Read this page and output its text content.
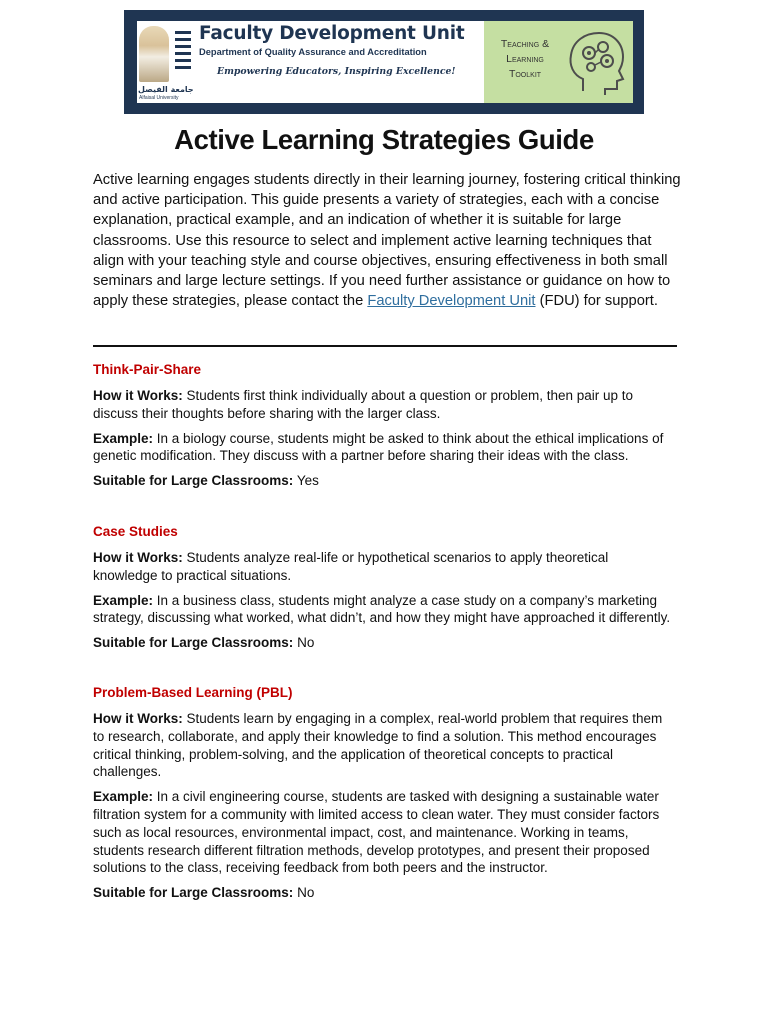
جامعة الفيصل
Alfaisal University
Faculty Development Unit
Department of Quality Assurance and Accreditation
Empowering Educators, Inspiring Excellence!
Teaching &
Learning
Toolkit
Active Learning Strategies Guide

Active learning engages students directly in their learning journey, fostering critical thinking and active participation. This guide presents a variety of strategies, each with a concise explanation, practical example, and an indication of whether it is suitable for large classrooms. Use this resource to select and implement active learning techniques that align with your teaching style and course objectives, ensuring effectiveness in both small seminars and large lecture settings. If you need further assistance or guidance on how to apply these strategies, please contact the Faculty Development Unit (FDU) for support.

Think-Pair-Share

How it Works: Students first think individually about a question or problem, then pair up to discuss their thoughts before sharing with the larger class.

Example: In a biology course, students might be asked to think about the ethical implications of genetic modification. They discuss with a partner before sharing their ideas with the class.

Suitable for Large Classrooms: Yes

Case Studies

How it Works: Students analyze real-life or hypothetical scenarios to apply theoretical knowledge to practical situations.

Example: In a business class, students might analyze a case study on a company’s marketing strategy, discussing what worked, what didn’t, and how they might have approached it differently.

Suitable for Large Classrooms: No

Problem-Based Learning (PBL)

How it Works: Students learn by engaging in a complex, real-world problem that requires them to research, collaborate, and apply their knowledge to find a solution. This method encourages critical thinking, problem-solving, and the application of theoretical concepts to practical challenges.

Example: In a civil engineering course, students are tasked with designing a sustainable water filtration system for a community with limited access to clean water. They must consider factors such as local resources, environmental impact, cost, and maintenance. Working in teams, students research different filtration methods, develop prototypes, and present their proposed solutions to the class, receiving feedback from both peers and the instructor.

Suitable for Large Classrooms: No
